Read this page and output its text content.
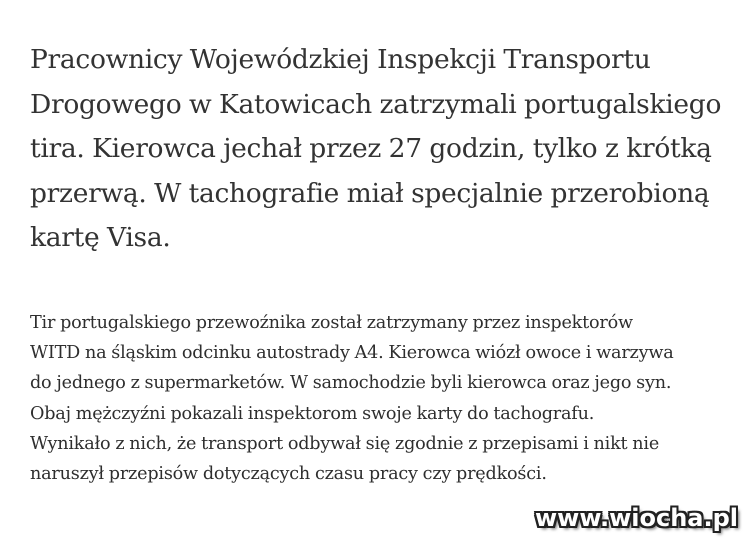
Pracownicy Wojewódzkiej Inspekcji Transportu
Drogowego w Katowicach zatrzymali portugalskiego
tira. Kierowca jechał przez 27 godzin, tylko z krótką
przerwą. W tachografie miał specjalnie przerobioną
kartę Visa.

Tir portugalskiego przewoźnika został zatrzymany przez inspektorów
WITD na śląskim odcinku autostrady A4. Kierowca wiózł owoce i warzywa
do jednego z supermarketów. W samochodzie byli kierowca oraz jego syn.
Obaj mężczyźni pokazali inspektorom swoje karty do tachografu.
Wynikało z nich, że transport odbywał się zgodnie z przepisami i nikt nie
naruszył przepisów dotyczących czasu pracy czy prędkości.

www.wiocha.pl
